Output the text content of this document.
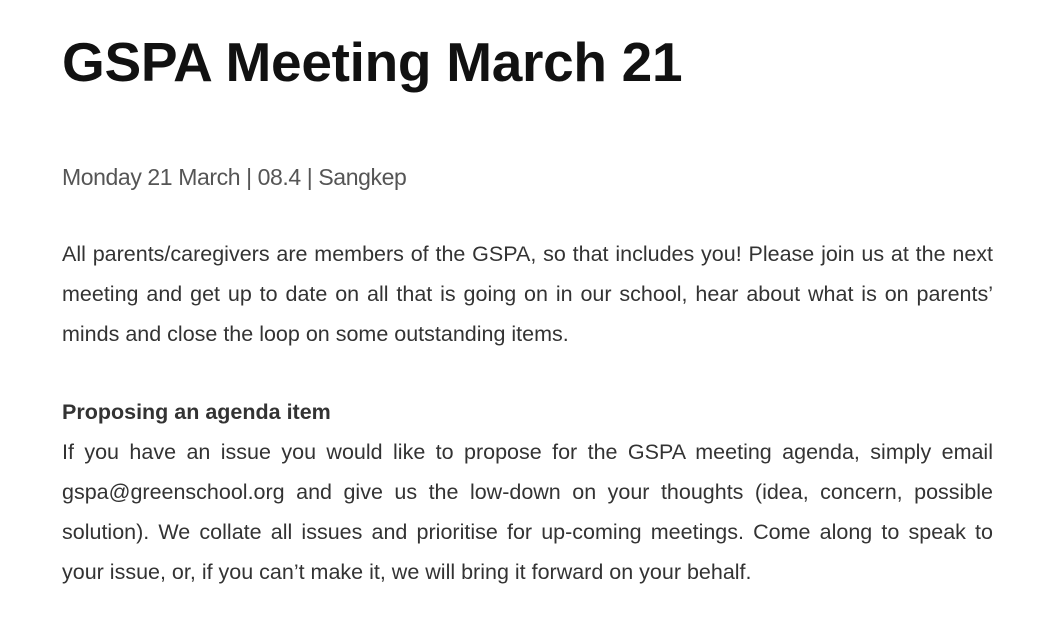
GSPA Meeting March 21

Monday 21 March | 08.4 | Sangkep

All parents/caregivers are members of the GSPA, so that includes you! Please join us at the next meeting and get up to date on all that is going on in our school, hear about what is on parents’ minds and close the loop on some outstanding items.

Proposing an agenda item

If you have an issue you would like to propose for the GSPA meeting agenda, simply email gspa@greenschool.org and give us the low-down on your thoughts (idea, concern, possible solution). We collate all issues and prioritise for up-coming meetings. Come along to speak to your issue, or, if you can’t make it, we will bring it forward on your behalf.
